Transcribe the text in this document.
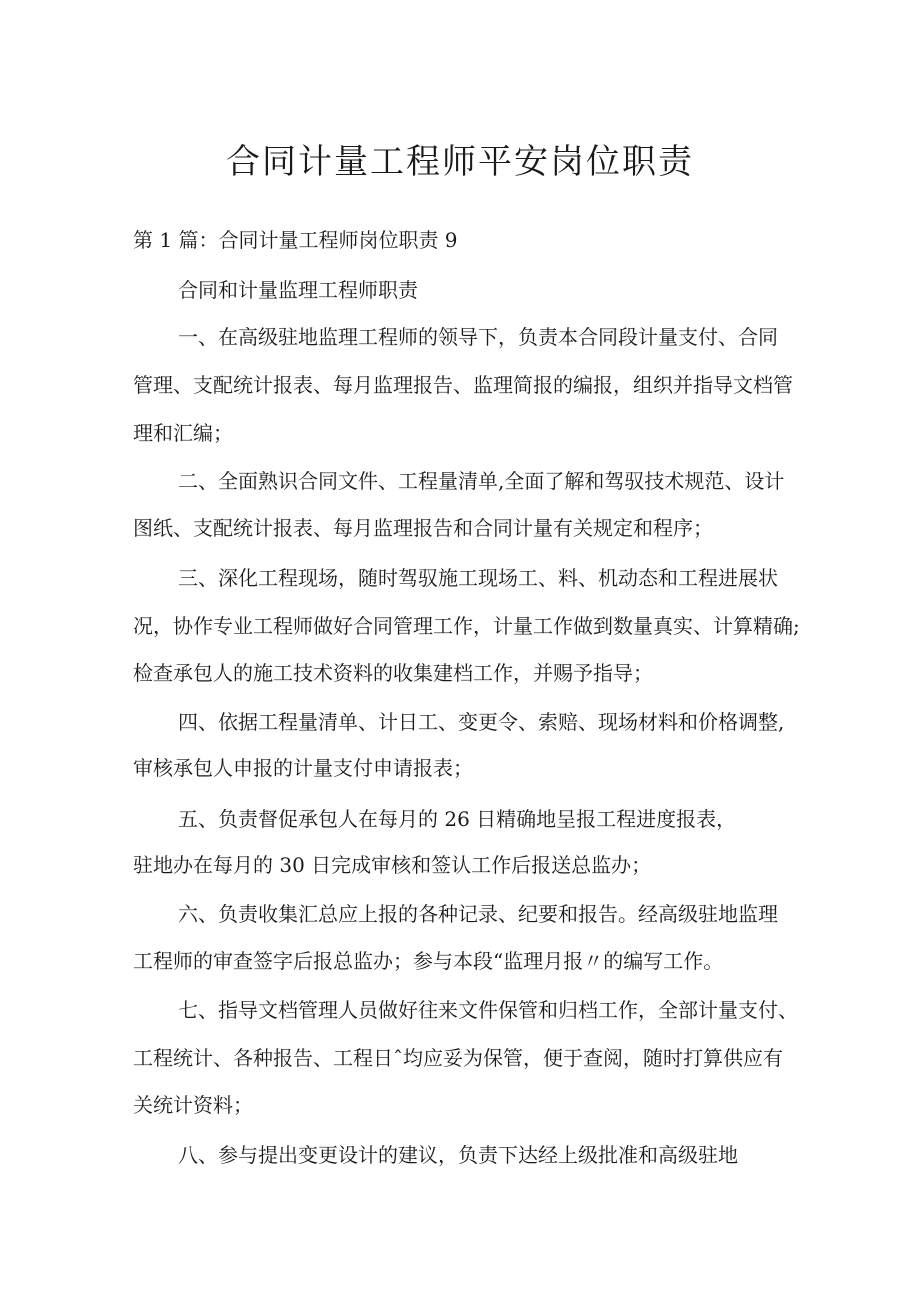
合同计量工程师平安岗位职责

第 1 篇：合同计量工程师岗位职责 9

合同和计量监理工程师职责

一、在高级驻地监理工程师的领导下，负责本合同段计量支付、合同

管理、支配统计报表、每月监理报告、监理简报的编报，组织并指导文档管

理和汇编；

二、全面熟识合同文件、工程量清单,全面了解和驾驭技术规范、设计

图纸、支配统计报表、每月监理报告和合同计量有关规定和程序；

三、深化工程现场，随时驾驭施工现场工、料、机动态和工程进展状

况，协作专业工程师做好合同管理工作，计量工作做到数量真实、计算精确;

检查承包人的施工技术资料的收集建档工作，并赐予指导；

四、依据工程量清单、计日工、变更令、索赔、现场材料和价格调整,

审核承包人申报的计量支付申请报表；

五、负责督促承包人在每月的 26 日精确地呈报工程进度报表，

驻地办在每月的 30 日完成审核和签认工作后报送总监办；

六、负责收集汇总应上报的各种记录、纪要和报告。经高级驻地监理

工程师的审查签字后报总监办；参与本段“监理月报〃的编写工作。

七、指导文档管理人员做好往来文件保管和归档工作，全部计量支付、

工程统计、各种报告、工程日ˆ均应妥为保管，便于查阅，随时打算供应有

关统计资料；

八、参与提出变更设计的建议，负责下达经上级批准和高级驻地
